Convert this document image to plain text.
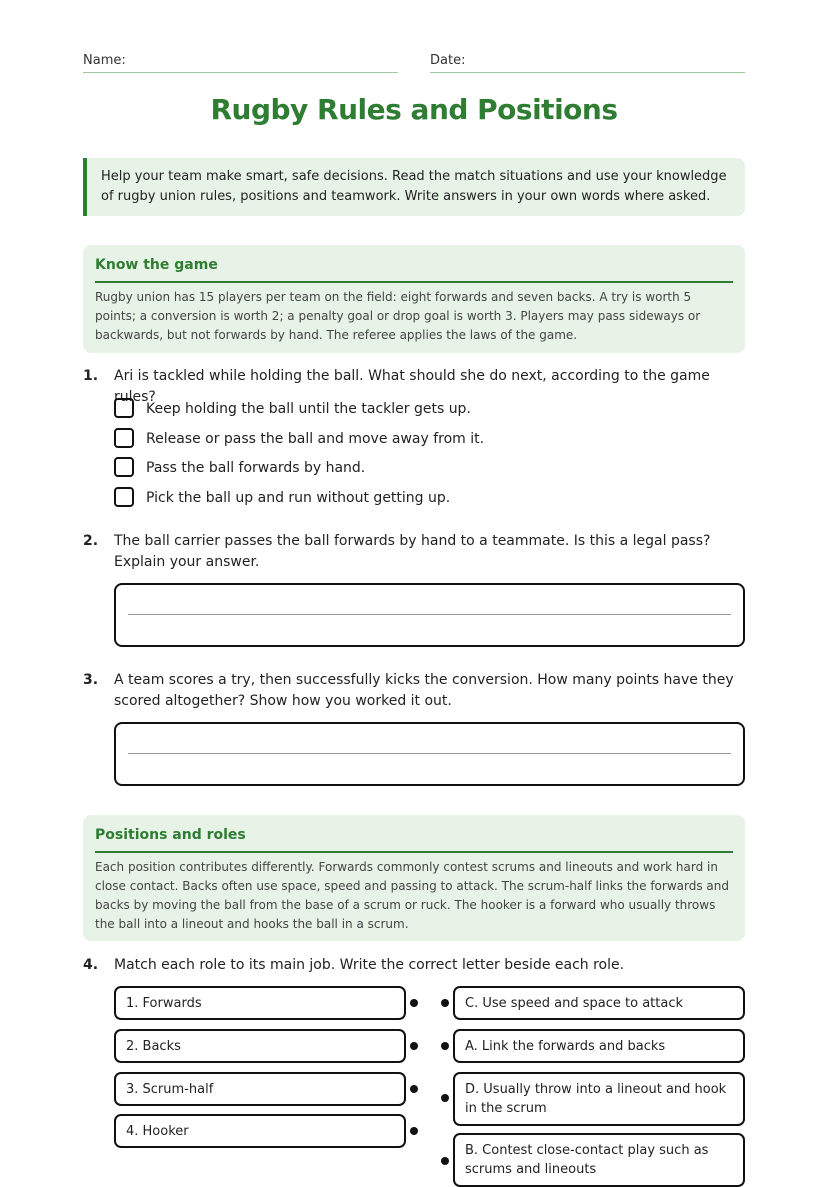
Name:	Date:
Rugby Rules and Positions
Help your team make smart, safe decisions. Read the match situations and use your knowledge of rugby union rules, positions and teamwork. Write answers in your own words where asked.
Know the game
Rugby union has 15 players per team on the field: eight forwards and seven backs. A try is worth 5 points; a conversion is worth 2; a penalty goal or drop goal is worth 3. Players may pass sideways or backwards, but not forwards by hand. The referee applies the laws of the game.
1. Ari is tackled while holding the ball. What should she do next, according to the game rules?
Keep holding the ball until the tackler gets up.
Release or pass the ball and move away from it.
Pass the ball forwards by hand.
Pick the ball up and run without getting up.
2. The ball carrier passes the ball forwards by hand to a teammate. Is this a legal pass? Explain your answer.
3. A team scores a try, then successfully kicks the conversion. How many points have they scored altogether? Show how you worked it out.
Positions and roles
Each position contributes differently. Forwards commonly contest scrums and lineouts and work hard in close contact. Backs often use space, speed and passing to attack. The scrum-half links the forwards and backs by moving the ball from the base of a scrum or ruck. The hooker is a forward who usually throws the ball into a lineout and hooks the ball in a scrum.
4. Match each role to its main job. Write the correct letter beside each role.
1. Forwards
2. Backs
3. Scrum-half
4. Hooker
C. Use speed and space to attack
A. Link the forwards and backs
D. Usually throw into a lineout and hook in the scrum
B. Contest close-contact play such as scrums and lineouts
